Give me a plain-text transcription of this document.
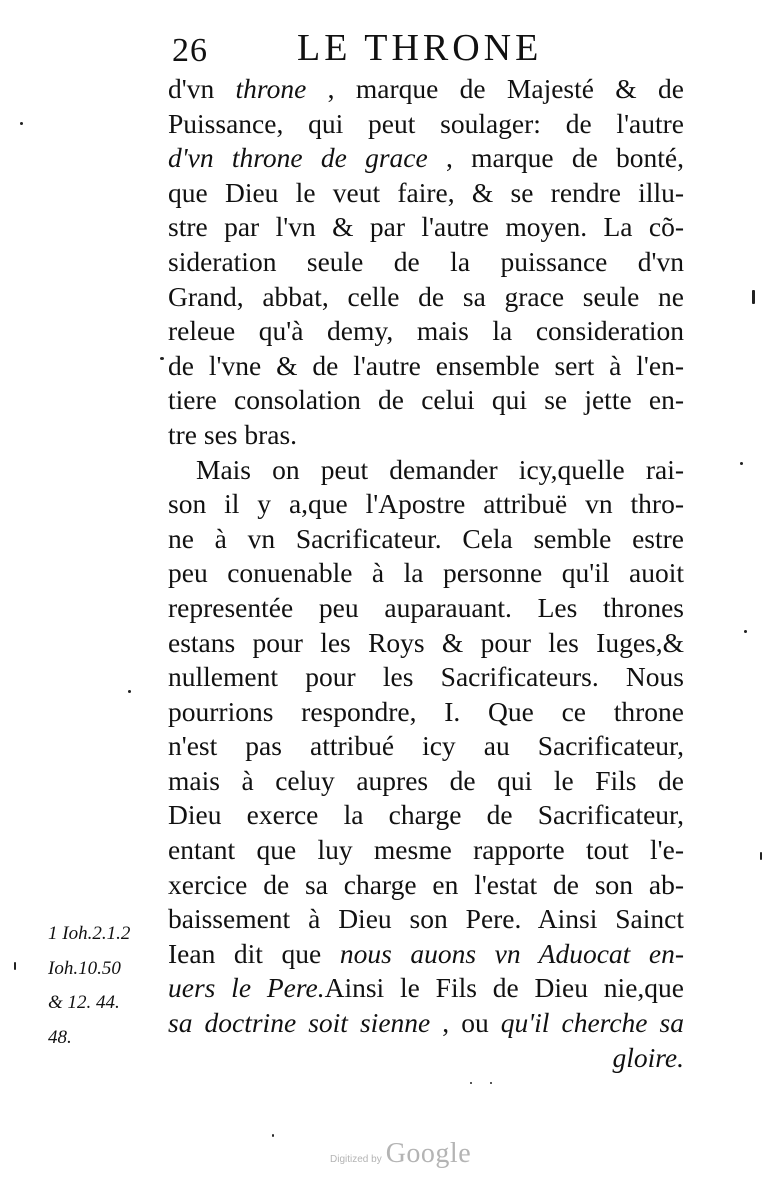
26 LE THRONE
d'vn throne , marque de Majesté & de
Puissance, qui peut soulager: de l'autre
d'vn throne de grace , marque de bonté,
que Dieu le veut faire, & se rendre illu-
stre par l'vn & par l'autre moyen. La cõ-
sideration seule de la puissance d'vn
Grand, abbat, celle de sa grace seule ne
releue qu'à demy, mais la consideration
de l'vne & de l'autre ensemble sert à l'en-
tiere consolation de celui qui se jette en-
tre ses bras.
Mais on peut demander icy,quelle rai-
son il y a,que l'Apostre attribuë vn thro-
ne à vn Sacrificateur. Cela semble estre
peu conuenable à la personne qu'il auoit
representée peu auparauant. Les thrones
estans pour les Roys & pour les Iuges,&
nullement pour les Sacrificateurs. Nous
pourrions respondre, I. Que ce throne
n'est pas attribué icy au Sacrificateur,
mais à celuy aupres de qui le Fils de
Dieu exerce la charge de Sacrificateur,
entant que luy mesme rapporte tout l'e-
xercice de sa charge en l'estat de son ab-
baissement à Dieu son Pere. Ainsi Sainct
Iean dit que nous auons vn Aduocat en-
uers le Pere.Ainsi le Fils de Dieu nie,que
sa doctrine soit sienne , ou qu'il cherche sa
gloire.
1 Ioh.2.1.2
Ioh.10.50
& 12. 44.
48.
Digitized by Google
